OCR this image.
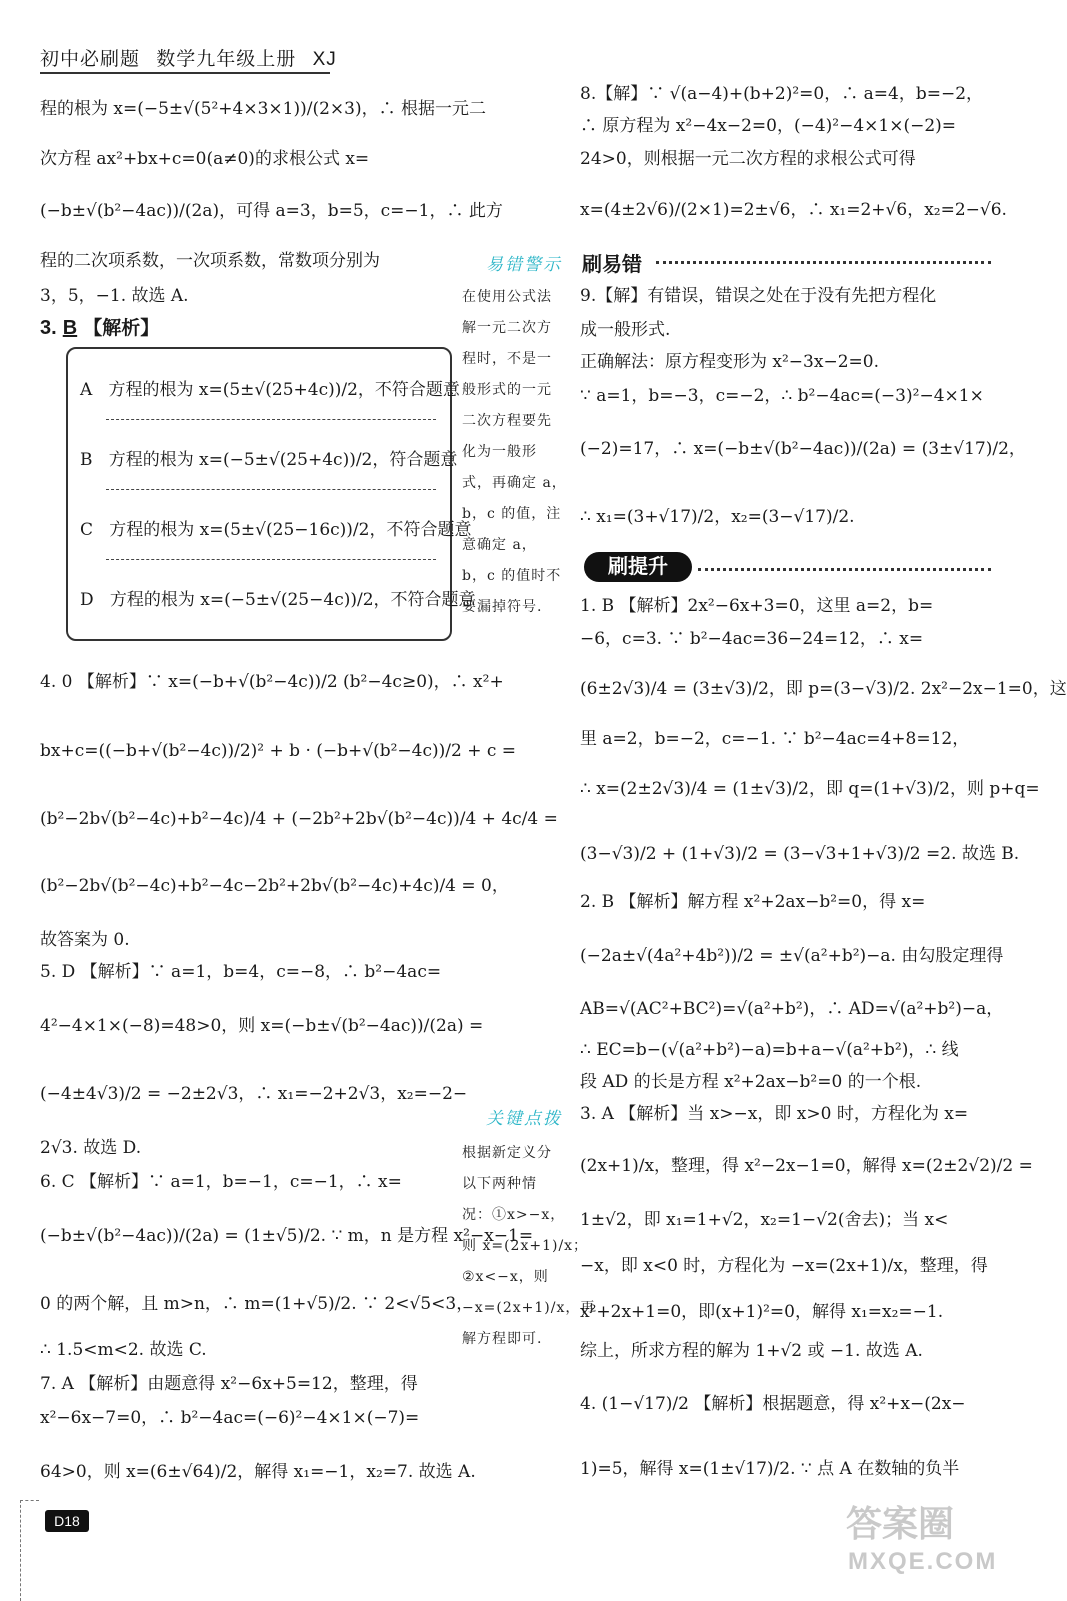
初中必刷题 数学九年级上册 XJ
程的根为 x=(−5±√(5²+4×3×1))/(2×3)，∴ 根据一元二
次方程 ax²+bx+c=0(a≠0)的求根公式 x=
(−b±√(b²−4ac))/(2a)，可得 a=3，b=5，c=−1，∴ 此方
程的二次项系数，一次项系数，常数项分别为
3，5，−1. 故选 A.
4. 0 【解析】∵ x=(−b+√(b²−4c))/2 (b²−4c≥0)，∴ x²+
bx+c=((−b+√(b²−4c))/2)² + b · (−b+√(b²−4c))/2 + c =
(b²−2b√(b²−4c)+b²−4c)/4 + (−2b²+2b√(b²−4c))/4 + 4c/4 =
(b²−2b√(b²−4c)+b²−4c−2b²+2b√(b²−4c)+4c)/4 = 0，
故答案为 0.
5. D 【解析】∵ a=1，b=4，c=−8，∴ b²−4ac=
4²−4×1×(−8)=48>0，则 x=(−b±√(b²−4ac))/(2a) =
(−4±4√3)/2 = −2±2√3，∴ x₁=−2+2√3，x₂=−2−
2√3. 故选 D.
6. C 【解析】∵ a=1，b=−1，c=−1，∴ x=
(−b±√(b²−4ac))/(2a) = (1±√5)/2. ∵ m，n 是方程 x²−x−1=
0 的两个解，且 m>n，∴ m=(1+√5)/2. ∵ 2<√5<3，
∴ 1.5<m<2. 故选 C.
7. A 【解析】由题意得 x²−6x+5=12，整理，得
x²−6x−7=0，∴ b²−4ac=(−6)²−4×1×(−7)=
64>0，则 x=(6±√64)/2，解得 x₁=−1，x₂=7. 故选 A.
3. B 【解析】
A 方程的根为 x=(5±√(25+4c))/2，不符合题意
B 方程的根为 x=(−5±√(25+4c))/2，符合题意
C 方程的根为 x=(5±√(25−16c))/2，不符合题意
D 方程的根为 x=(−5±√(25−4c))/2，不符合题意
易错警示 刷易错
在使用公式法
解一元二次方
程时，不是一
般形式的一元
二次方程要先
化为一般形
式，再确定 a，
b，c 的值，注
意确定 a，
b，c 的值时不
要漏掉符号.
刷提升
关键点拨
根据新定义分
以下两种情
况：①x>−x，
则 x=(2x+1)/x；
②x<−x，则
−x=(2x+1)/x，再
解方程即可.
8.【解】∵ √(a−4)+(b+2)²=0，∴ a=4，b=−2，
∴ 原方程为 x²−4x−2=0，(−4)²−4×1×(−2)=
24>0，则根据一元二次方程的求根公式可得
x=(4±2√6)/(2×1)=2±√6，∴ x₁=2+√6，x₂=2−√6.
9.【解】有错误，错误之处在于没有先把方程化
成一般形式.
正确解法：原方程变形为 x²−3x−2=0.
∵ a=1，b=−3，c=−2，∴ b²−4ac=(−3)²−4×1×
(−2)=17，∴ x=(−b±√(b²−4ac))/(2a) = (3±√17)/2，
∴ x₁=(3+√17)/2，x₂=(3−√17)/2.
1. B 【解析】2x²−6x+3=0，这里 a=2，b=
−6，c=3. ∵ b²−4ac=36−24=12，∴ x=
(6±2√3)/4 = (3±√3)/2，即 p=(3−√3)/2. 2x²−2x−1=0，这
里 a=2，b=−2，c=−1. ∵ b²−4ac=4+8=12，
∴ x=(2±2√3)/4 = (1±√3)/2，即 q=(1+√3)/2，则 p+q=
(3−√3)/2 + (1+√3)/2 = (3−√3+1+√3)/2 =2. 故选 B.
2. B 【解析】解方程 x²+2ax−b²=0，得 x=
(−2a±√(4a²+4b²))/2 = ±√(a²+b²)−a. 由勾股定理得
AB=√(AC²+BC²)=√(a²+b²)，∴ AD=√(a²+b²)−a，
∴ EC=b−(√(a²+b²)−a)=b+a−√(a²+b²)，∴ 线
段 AD 的长是方程 x²+2ax−b²=0 的一个根.
3. A 【解析】当 x>−x，即 x>0 时，方程化为 x=
(2x+1)/x，整理，得 x²−2x−1=0，解得 x=(2±2√2)/2 =
1±√2，即 x₁=1+√2，x₂=1−√2(舍去)；当 x<
−x，即 x<0 时，方程化为 −x=(2x+1)/x，整理，得
x²+2x+1=0，即(x+1)²=0，解得 x₁=x₂=−1.
综上，所求方程的解为 1+√2 或 −1. 故选 A.
4. (1−√17)/2 【解析】根据题意，得 x²+x−(2x−
1)=5，解得 x=(1±√17)/2. ∵ 点 A 在数轴的负半
D18	答案圈
MXQE.COM
